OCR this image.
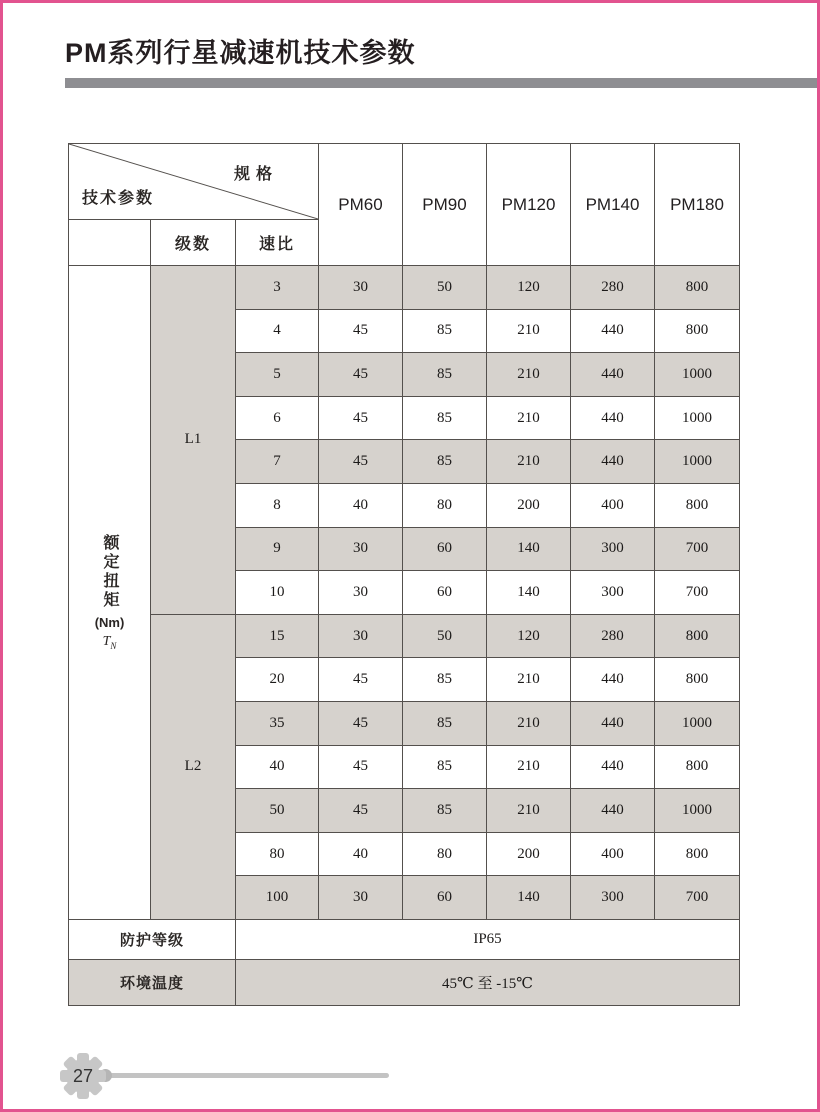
PM系列行星减速机技术参数
规格
技术参数			PM60	PM90	PM120	PM140	PM180
	级数	速比					

额定扭矩
(Nm)
$T_N$	L1	3	30	50	120	280	800
		4	45	85	210	440	800
		5	45	85	210	440	1000
		6	45	85	210	440	1000
		7	45	85	210	440	1000
		8	40	80	200	400	800
		9	30	60	140	300	700
		10	30	60	140	300	700
	L2	15	30	50	120	280	800
		20	45	85	210	440	800
		35	45	85	210	440	1000
		40	45	85	210	440	800
		50	45	85	210	440	1000
		80	40	80	200	400	800
		100	30	60	140	300	700
防护等级		IP65					
环境温度		45℃ 至 -15℃					
27
